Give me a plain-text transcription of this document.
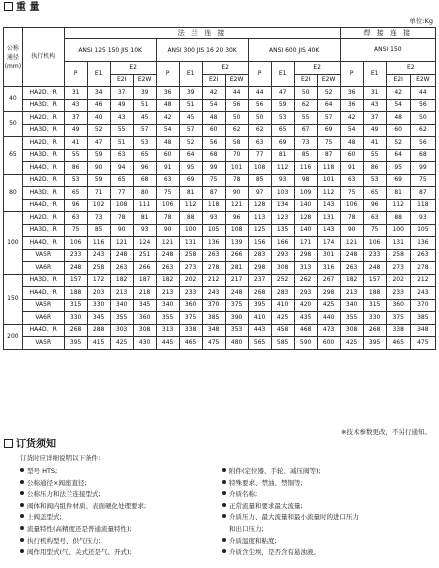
重 量
单位:Kg
公称 通径 (mm)	执行机构	法 兰 连 接												焊 接 连 接			
		ANSI 125 150 JIS 10K				ANSI 300 JIS 16 20 30K				ANSI 600 JIS 40K				ANSI 150			
		P	E1	E2		P	E1	E2		P	E1	E2		P	E1	E2	
				E2I	E2W			E2I	E2W			E2I	E2W			E2I	E2W
40	HA2D、R	31	34	37	39	36	39	42	44	44	47	50	52	36	31	42	44
	HA3D、R	43	46	49	51	48	51	54	56	56	59	62	64	36	43	54	56
50	HA2D、R	37	40	43	45	42	45	48	50	50	53	55	57	42	37	48	50
	HA3D、R	49	52	55	57	54	57	60	62	62	65	67	69	54	49	60	62
65	HA2D、R	41	47	51	53	48	52	56	58	63	69	73	75	48	41	52	56
	HA3D、R	55	59	63	65	60	64	68	70	77	81	85	87	60	55	64	68
	HA4D、R	86	90	94	96	91	95	99	101	108	112	116	118	91	86	95	99
80	HA2D、R	53	59	65	68	63	69	75	78	85	93	98	101	63	53	69	75
	HA3D、R	65	71	77	80	75	81	87	90	97	103	109	112	75	65	81	87
	HA4D、R	96	102	108	111	106	112	118	121	128	134	140	143	106	96	112	118
100	HA2D、R	63	73	78	81	78	88	93	96	113	123	128	131	78	63	88	93
	HA3D、R	75	85	90	93	90	100	105	108	125	135	140	143	90	75	100	105
	HA4D、R	106	116	121	124	121	131	136	139	156	166	171	174	121	106	131	136
	VA5R	233	243	248	251	248	258	263	266	283	293	298	301	248	233	258	263
	VA6R	248	258	263	266	263	273	278	281	298	308	313	316	263	248	273	278
150	HA3D、R	157	172	182	187	182	202	212	217	237	252	262	267	182	157	202	212
	HA4D、R	188	203	213	218	213	233	243	248	268	283	293	298	213	188	233	243
	VA5R	315	330	340	345	340	360	370	375	395	410	420	425	340	315	360	370
	VA6R	330	345	355	360	355	375	385	390	410	425	435	440	355	330	375	385
200	HA4D、R	268	288	303	308	313	338	348	353	443	458	468	473	308	268	338	348
	VA5R	395	415	425	430	445	465	475	480	565	585	590	600	425	395	465	475
※技术参数更改，不另行通知。
订货须知
订货时应详细说明以下条件：
型号 HTS;
公称通径×阀座直径;
公称压力和法兰连接型式;
阀体和阀内组件材质、表面硬化处理要求;
上阀盖型式;
流量特性(高精度还是普通流量特性);
执行机构型号、供气压力;
阀作用型式(气、关式还是气、开式);
附件(定位器、手轮、减压阀等);
特殊要求、禁油、禁铜等;
介质名称;
正常流量和要求最大流量;
介质压力、最大流量和最小流量时的进口压力
和出口压力;
介质温度和粘度;
介质含尘埃，是否含有悬浊液。
